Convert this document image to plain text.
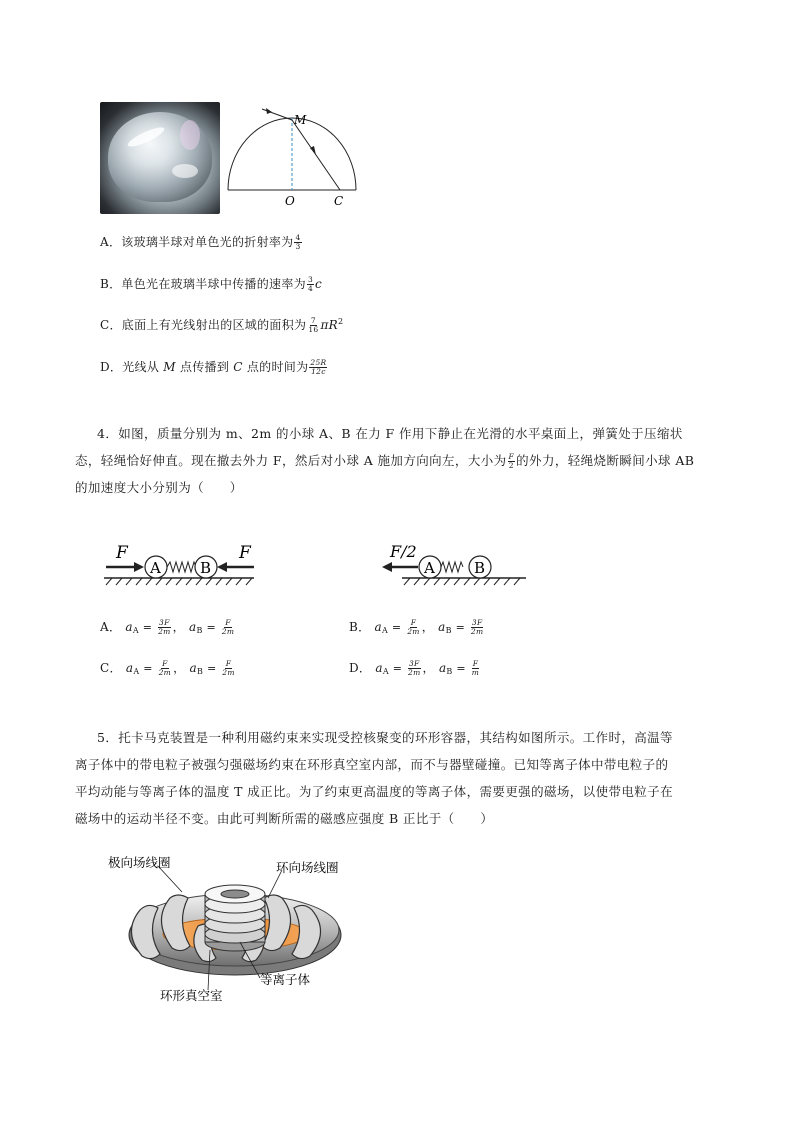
M
O	C
A．该玻璃半球对单色光的折射率为 $\frac{4}{3}$
B．单色光在玻璃半球中传播的速率为 $\frac{3}{4}$ c
C．底面上有光线射出的区域的面积为 $\frac{7}{16} \pi R^2$
D．光线从 M 点传播到 C 点的时间为 $\frac{25R}{12c}$
4．如图，质量分别为 m、2m 的小球 A、B 在力 F 作用下静止在光滑的水平桌面上，弹簧处于压缩状
态，轻绳恰好伸直。现在撤去外力 F，然后对小球 A 施加方向向左，大小为 $\frac{F}{2}$ 的外力，轻绳烧断瞬间小球 AB
的加速度大小分别为（　　）
F	F
A	B
F/2
A	B
A． $a_A = \frac{3F}{2m}$ ， $a_B = \frac{F}{2m}$	B． $a_A = \frac{F}{2m}$ ， $a_B = \frac{3F}{2m}$
C． $a_A = \frac{F}{2m}$ ， $a_B = \frac{F}{2m}$	D． $a_A = \frac{3F}{2m}$ ， $a_B = \frac{F}{m}$
5．托卡马克装置是一种利用磁约束来实现受控核聚变的环形容器，其结构如图所示。工作时，高温等
离子体中的带电粒子被强匀强磁场约束在环形真空室内部，而不与器壁碰撞。已知等离子体中带电粒子的
平均动能与等离子体的温度 T 成正比。为了约束更高温度的等离子体，需要更强的磁场，以使带电粒子在
磁场中的运动半径不变。由此可判断所需的磁感应强度 B 正比于（　　）
极向场线圈	环向场线圈
等离子体
环形真空室
